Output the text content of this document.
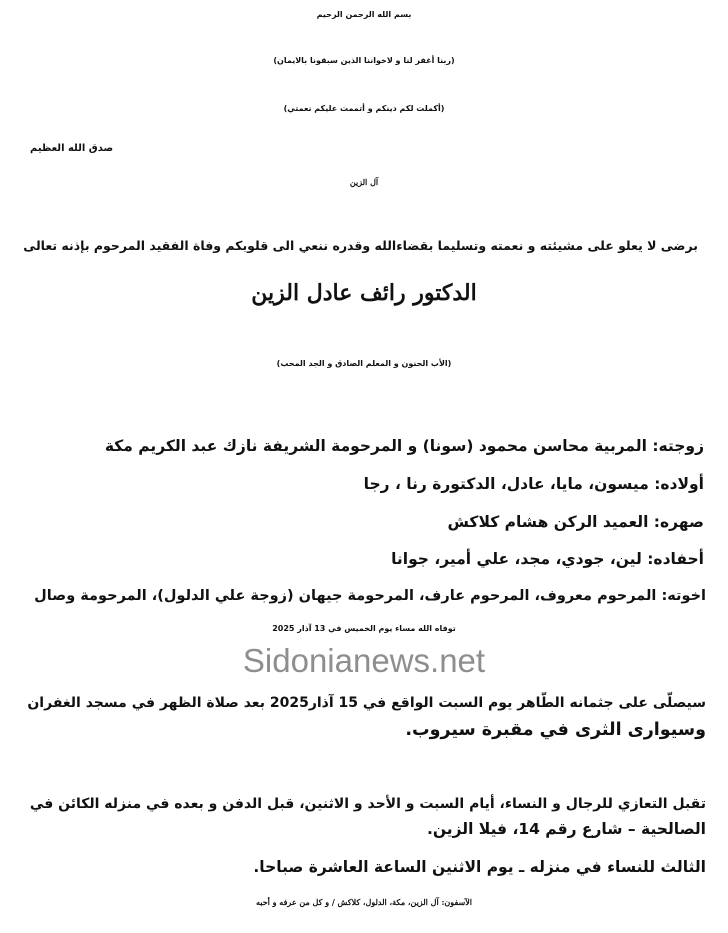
بسم الله الرحمن الرحيم
(ربنا أغفر لنا و لاخواننا الذين سبقونا بالايمان)
(أكملت لكم دينكم و أتممت عليكم نعمتي)
صدق الله العظيم
آل الزين
برضى لا يعلو على مشيئته و نعمته وتسليما بقضاءالله وقدره ننعي الى قلوبكم وفاة الفقيد المرحوم بإذنه تعالى
الدكتور رائف عادل الزين
(الأب الحنون و المعلم الصادق و الجد المحب)
زوجته: المربية محاسن محمود (سونا) و المرحومة الشريفة نازك عبد الكريم مكة
أولاده: ميسون، مايا، عادل، الدكتورة رنا ، رجا
صهره: العميد الركن هشام كلاكش
أحفاده: لين، جودي، مجد، علي أمير، جوانا
اخوته: المرحوم معروف، المرحوم عارف، المرحومة جيهان (زوجة علي الدلول)، المرحومة وصال
توفاه الله مساء يوم الخميس في 13 آذار 2025
Sidonianews.net
سيصلّى على جثمانه الطّاهر يوم السبت الواقع في 15 آذار2025 بعد صلاة الظهر في مسجد الغفران
وسيوارى الثرى في مقبرة سيروب.
تقبل التعازي للرجال و النساء، أيام السبت و الأحد و الاثنين، قبل الدفن و بعده في منزله الكائن في
الصالحية – شارع رقم 14، فيلا الزين.
الثالث للنساء في منزله ـ يوم الاثنين الساعة العاشرة صباحا.
الآسفون: آل الزين، مكة، الدلول، كلاكش / و كل من عرفه و أحبه
